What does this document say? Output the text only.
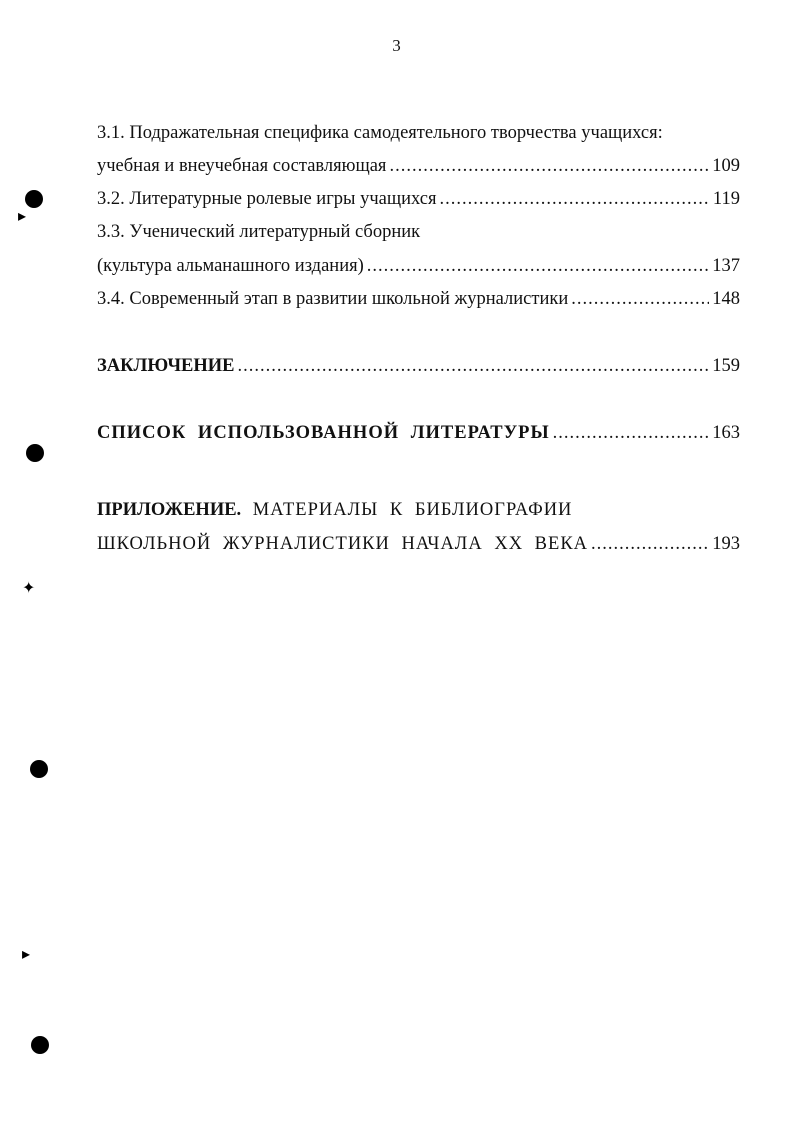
▸
✦
▸
3
3.1. Подражательная специфика самодеятельного творчества учащихся:
учебная и внеучебная составляющая .....	109
3.2. Литературные ролевые игры учащихся .....	119
3.3. Ученический литературный сборник
(культура альманашного издания) .....	137
3.4. Современный этап в развитии школьной журналистики .....	148
ЗАКЛЮЧЕНИЕ .....	159
СПИСОК ИСПОЛЬЗОВАННОЙ ЛИТЕРАТУРЫ .....	163
ПРИЛОЖЕНИЕ. МАТЕРИАЛЫ К БИБЛИОГРАФИИ
ШКОЛЬНОЙ ЖУРНАЛИСТИКИ НАЧАЛА XX ВЕКА .....	193
